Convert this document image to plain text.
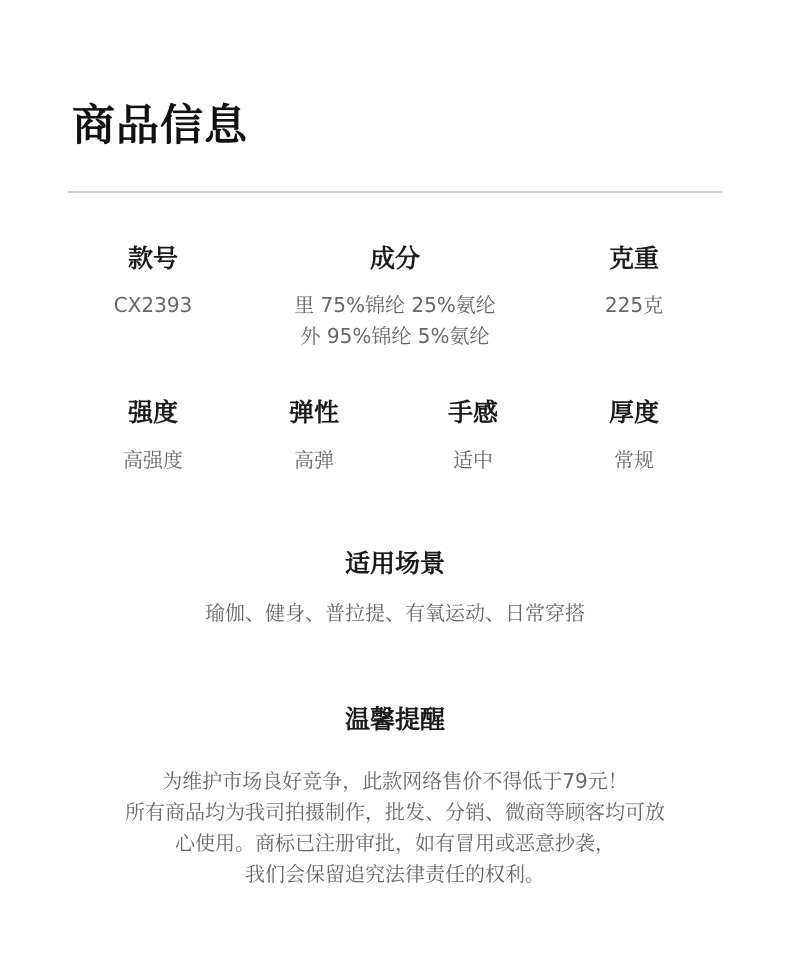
商品信息
款号
CX2393
成分
里 75%锦纶 25%氨纶
外 95%锦纶 5%氨纶
克重
225克
强度
高强度
弹性
高弹
手感
适中
厚度
常规
适用场景
瑜伽、健身、普拉提、有氧运动、日常穿搭
温馨提醒
为维护市场良好竞争，此款网络售价不得低于79元！
所有商品均为我司拍摄制作，批发、分销、微商等顾客均可放
心使用。商标已注册审批，如有冒用或恶意抄袭，
我们会保留追究法律责任的权利。
